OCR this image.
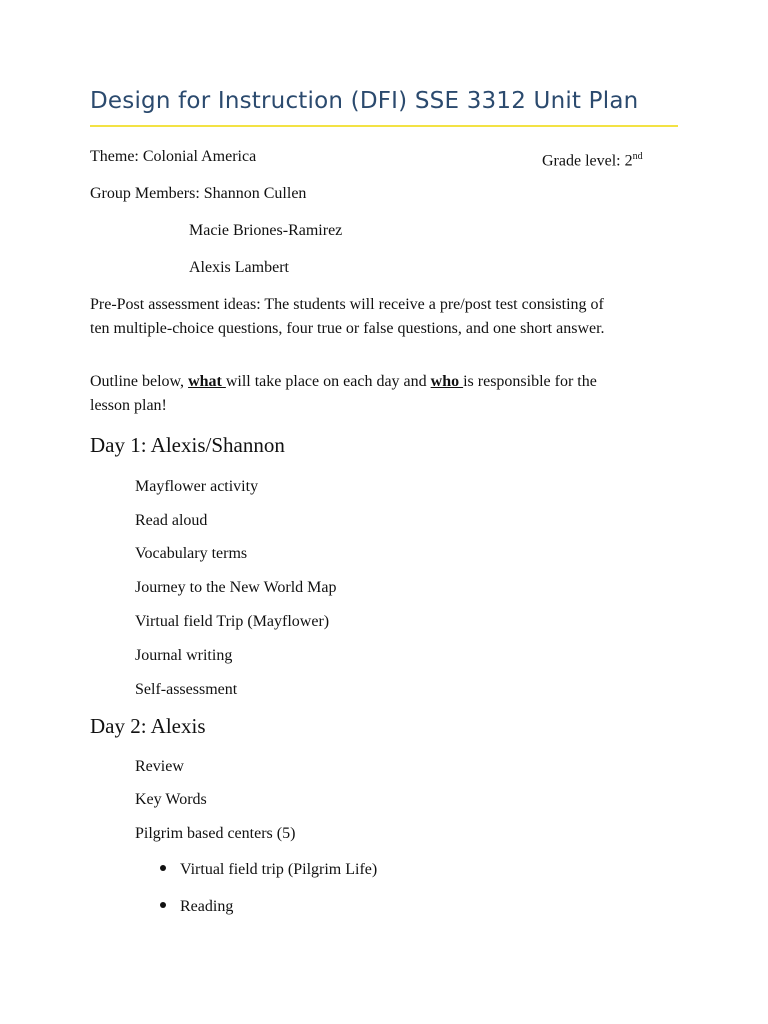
Design for Instruction (DFI) SSE 3312 Unit Plan
Theme: Colonial America	Grade level: 2nd
Group Members: Shannon Cullen
Macie Briones-Ramirez
Alexis Lambert
Pre-Post assessment ideas: The students will receive a pre/post test consisting of
ten multiple-choice questions, four true or false questions, and one short answer.
Outline below, what will take place on each day and who is responsible for the
lesson plan!
Day 1: Alexis/Shannon
Mayflower activity
Read aloud
Vocabulary terms
Journey to the New World Map
Virtual field Trip (Mayflower)
Journal writing
Self-assessment
Day 2: Alexis
Review
Key Words
Pilgrim based centers (5)
Virtual field trip (Pilgrim Life)
Reading
